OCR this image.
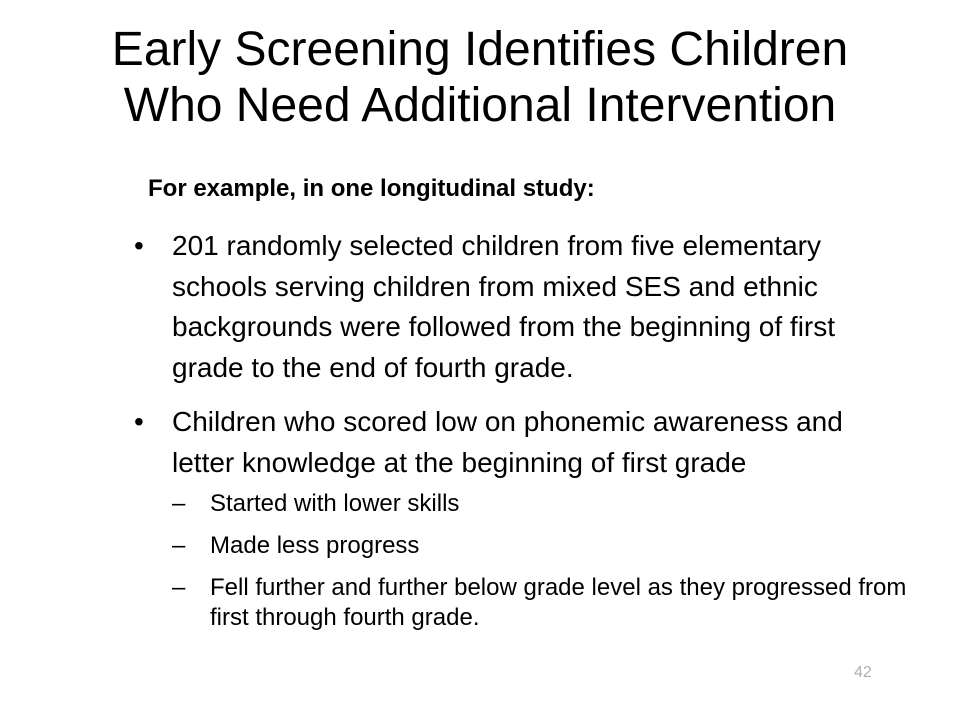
Early Screening Identifies Children
Who Need Additional Intervention

For example, in one longitudinal study:

• 201 randomly selected children from five elementary schools serving children from mixed SES and ethnic backgrounds were followed from the beginning of first grade to the end of fourth grade.
• Children who scored low on phonemic awareness and letter knowledge at the beginning of first grade
– Started with lower skills
– Made less progress
– Fell further and further below grade level as they progressed from first through fourth grade.
42
